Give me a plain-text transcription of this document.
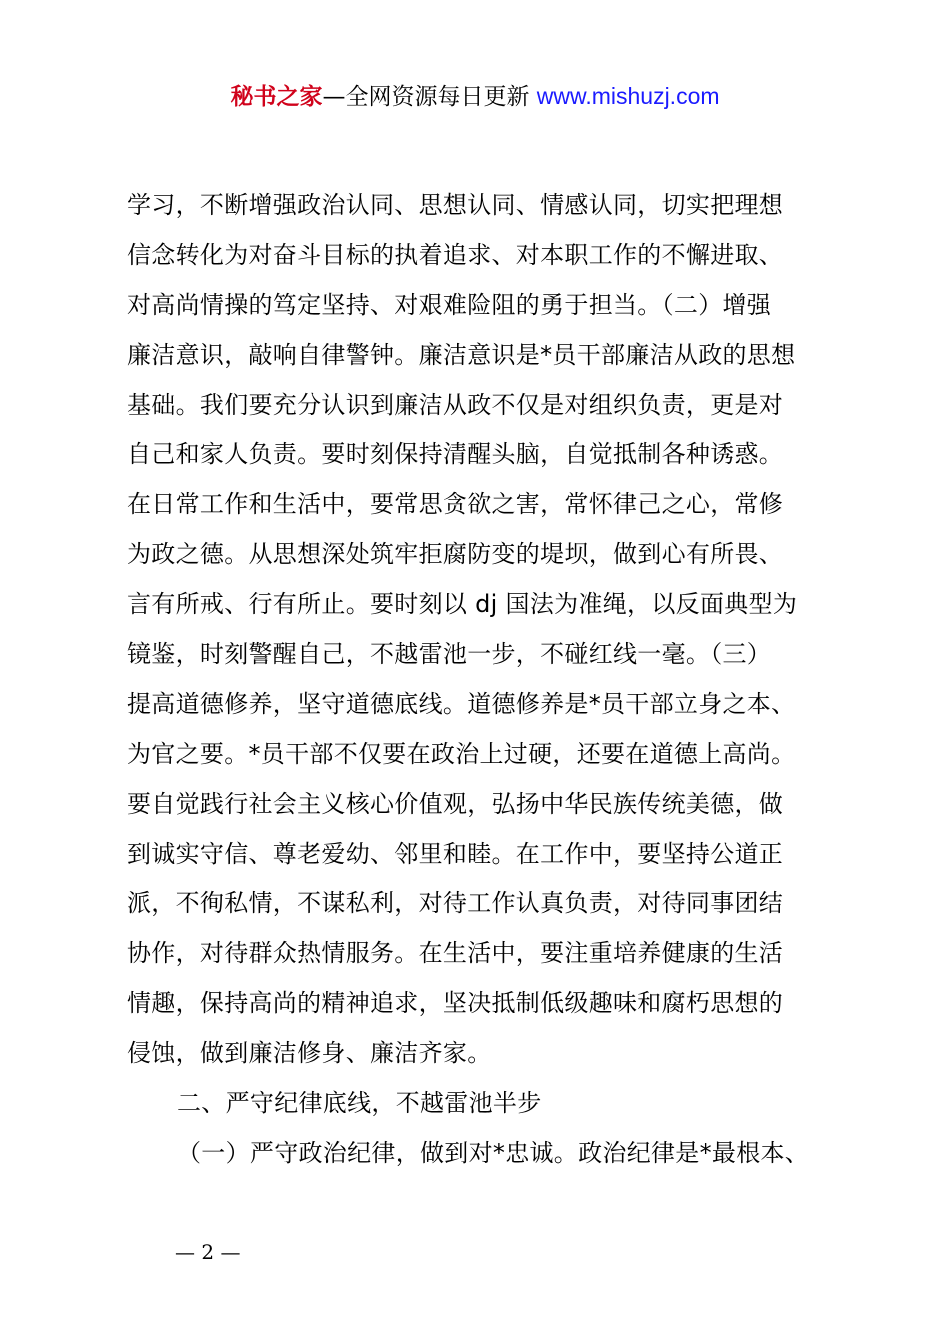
秘书之家—全网资源每日更新 www.mishuzj.com
学习，不断增强政治认同、思想认同、情感认同，切实把理想
信念转化为对奋斗目标的执着追求、对本职工作的不懈进取、
对高尚情操的笃定坚持、对艰难险阻的勇于担当。（二）增强
廉洁意识，敲响自律警钟。廉洁意识是*员干部廉洁从政的思想
基础。我们要充分认识到廉洁从政不仅是对组织负责，更是对
自己和家人负责。要时刻保持清醒头脑，自觉抵制各种诱惑。
在日常工作和生活中，要常思贪欲之害，常怀律己之心，常修
为政之德。从思想深处筑牢拒腐防变的堤坝，做到心有所畏、
言有所戒、行有所止。要时刻以 dj 国法为准绳，以反面典型为
镜鉴，时刻警醒自己，不越雷池一步，不碰红线一毫。（三）
提高道德修养，坚守道德底线。道德修养是*员干部立身之本、
为官之要。*员干部不仅要在政治上过硬，还要在道德上高尚。
要自觉践行社会主义核心价值观，弘扬中华民族传统美德，做
到诚实守信、尊老爱幼、邻里和睦。在工作中，要坚持公道正
派，不徇私情，不谋私利，对待工作认真负责，对待同事团结
协作，对待群众热情服务。在生活中，要注重培养健康的生活
情趣，保持高尚的精神追求，坚决抵制低级趣味和腐朽思想的
侵蚀，做到廉洁修身、廉洁齐家。
二、严守纪律底线，不越雷池半步
（一）严守政治纪律，做到对*忠诚。政治纪律是*最根本、
— 2 —
